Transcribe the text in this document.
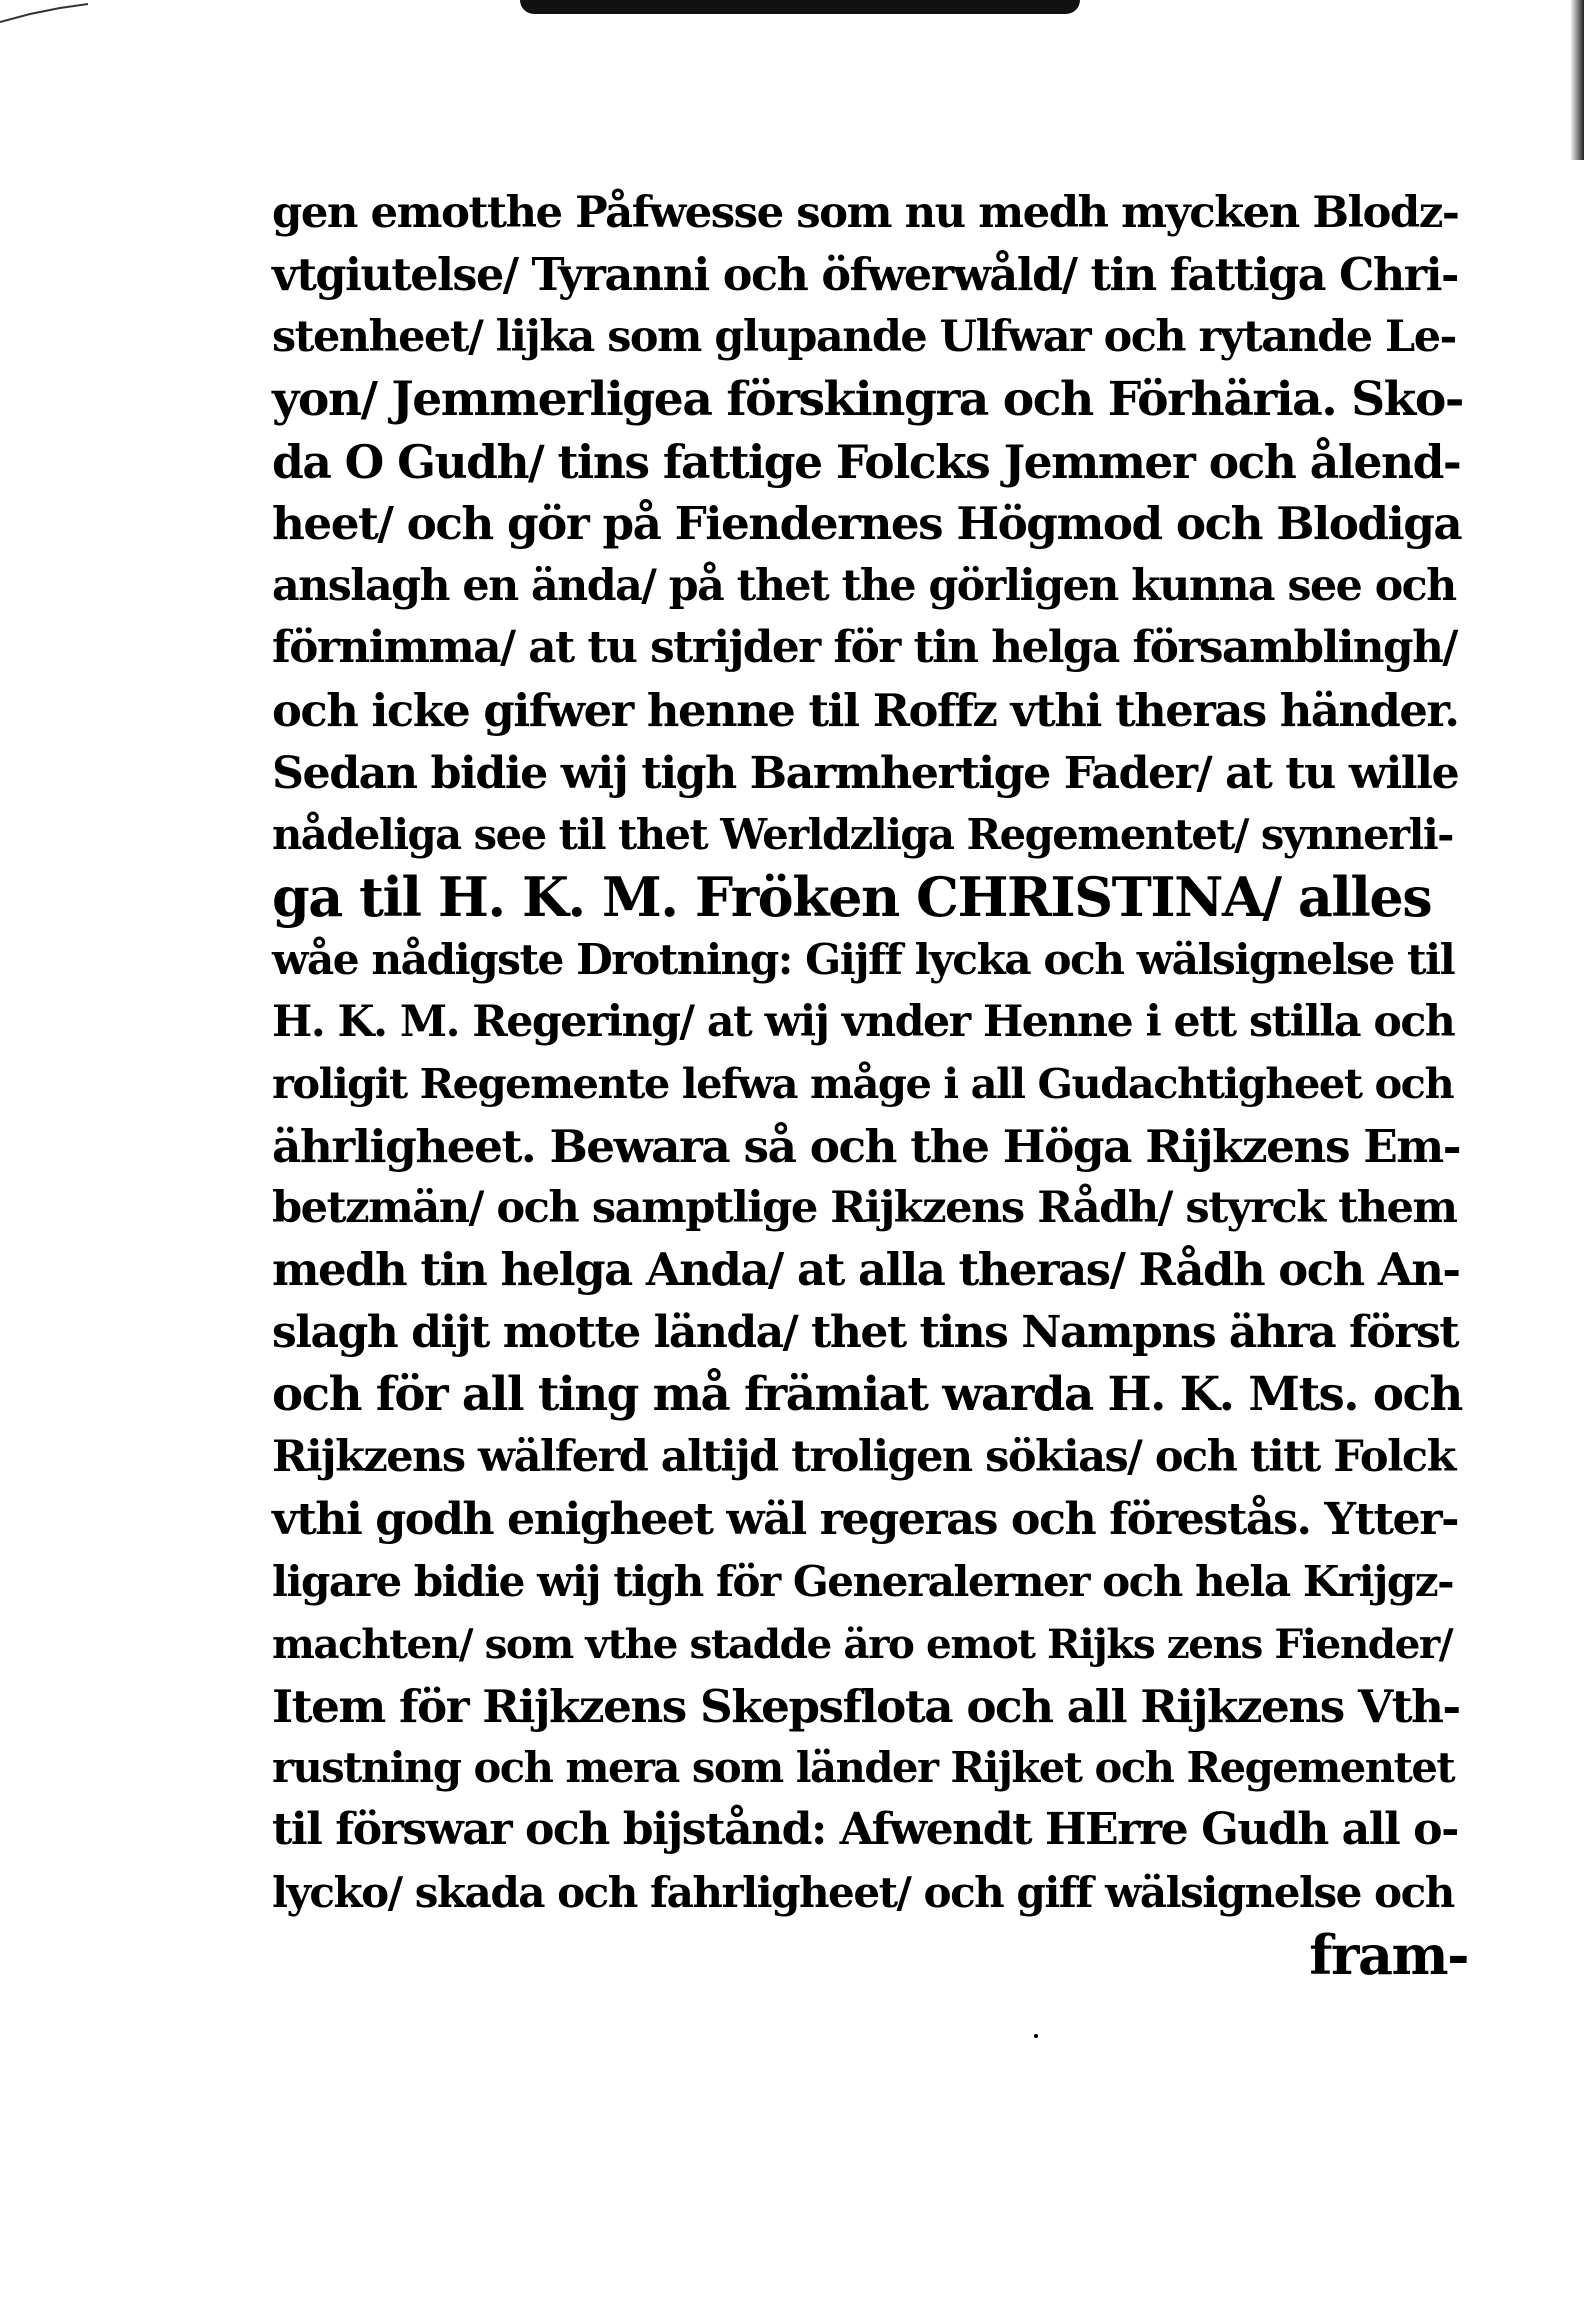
gen emotthe Påfwesse som nu medh mycken Blodz-
vtgiutelse/ Tyranni och öfwerwåld/ tin fattiga Chri-
stenheet/ lijka som glupande Ulfwar och rytande Le-
yon/ Jemmerligea förskingra och Förhäria. Sko-
da O Gudh/ tins fattige Folcks Jemmer och ålend-
heet/ och gör på Fiendernes Högmod och Blodiga
anslagh en ända/ på thet the görligen kunna see och
förnimma/ at tu strijder för tin helga församblingh/
och icke gifwer henne til Roffz vthi theras händer.
Sedan bidie wij tigh Barmhertige Fader/ at tu wille
nådeliga see til thet Werldzliga Regementet/ synnerli-
ga til H. K. M. Fröken CHRISTINA/ alles
wåe nådigste Drotning: Gijff lycka och wälsignelse til
H. K. M. Regering/ at wij vnder Henne i ett stilla och
roligit Regemente lefwa måge i all Gudachtigheet och
ährligheet. Bewara så och the Höga Rijkzens Em-
betzmän/ och samptlige Rijkzens Rådh/ styrck them
medh tin helga Anda/ at alla theras/ Rådh och An-
slagh dijt motte lända/ thet tins Nampns ähra först
och för all ting må främiat warda H. K. Mts. och
Rijkzens wälferd altijd troligen sökias/ och titt Folck
vthi godh enigheet wäl regeras och förestås. Ytter-
ligare bidie wij tigh för Generalerner och hela Krijgz-
machten/ som vthe stadde äro emot Rijks zens Fiender/
Item för Rijkzens Skepsflota och all Rijkzens Vth-
rustning och mera som länder Rijket och Regementet
til förswar och bijstånd: Afwendt HErre Gudh all o-
lycko/ skada och fahrligheet/ och giff wälsignelse och
fram-
